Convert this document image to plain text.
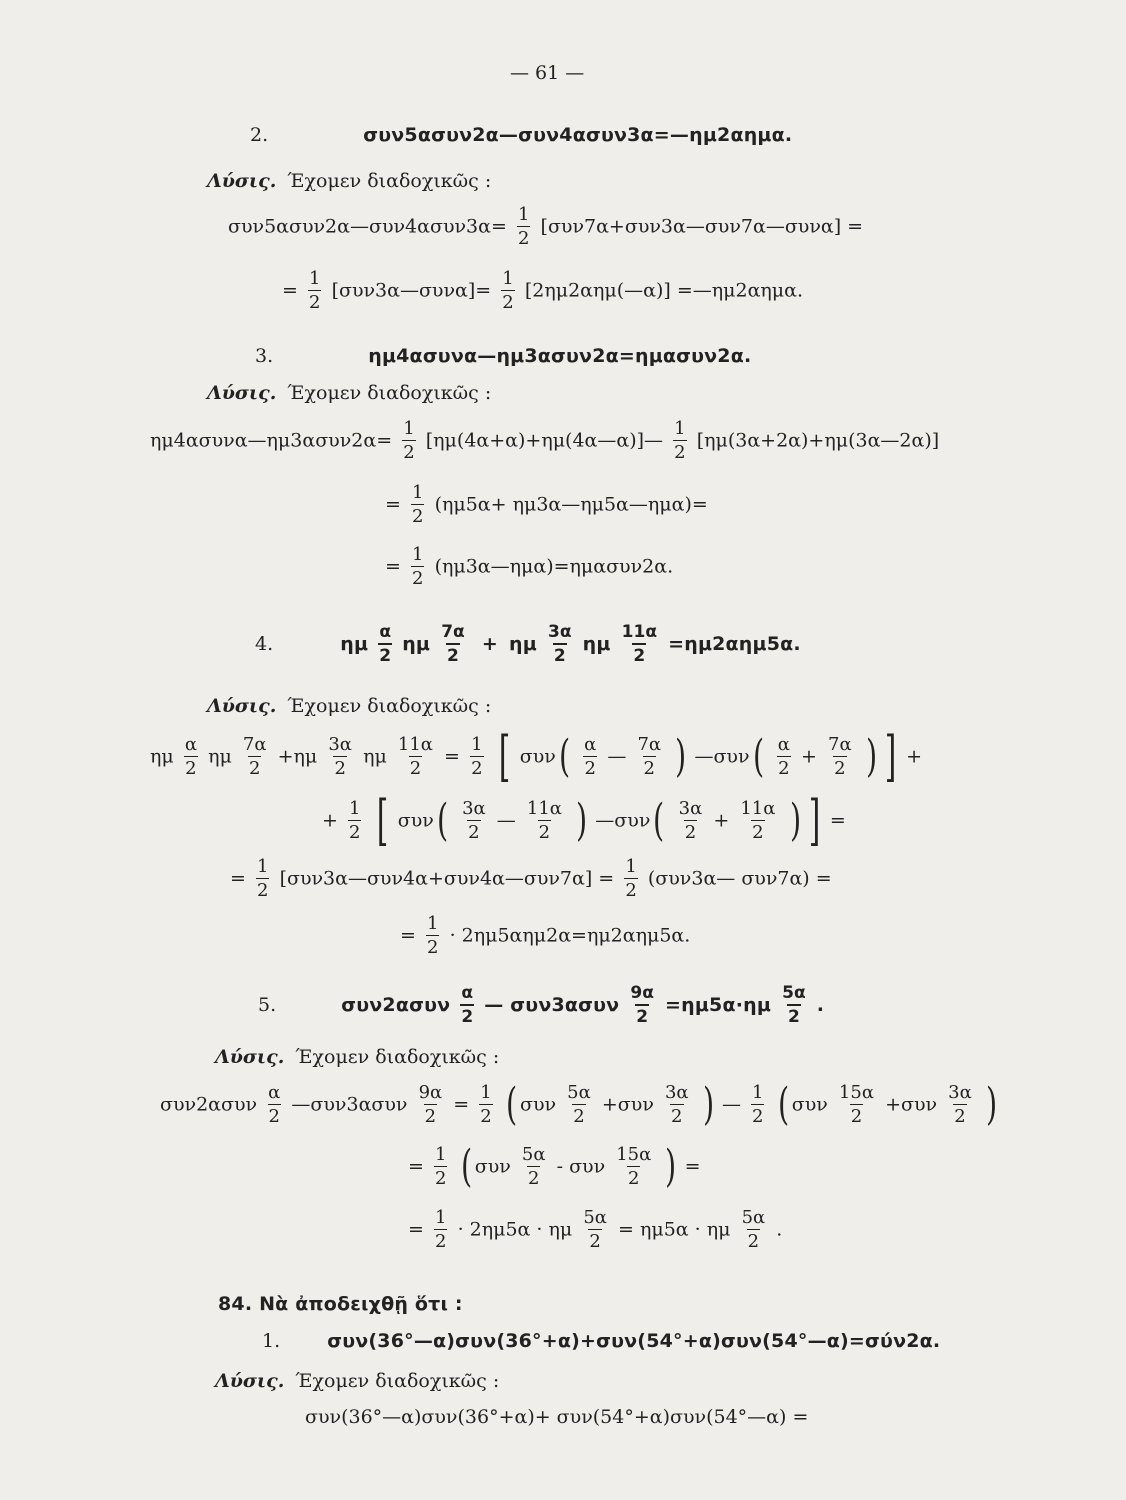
— 61 —
2.	συν5ασυν2α—συν4ασυν3α=—ημ2αημα.
Λύσις. Έχομεν διαδοχικῶς :
συν5ασυν2α—συν4ασυν3α= $\frac{1}{2}$ [συν7α+συν3α—συν7α—συνα] =
= $\frac{1}{2}$ [συν3α—συνα]= $\frac{1}{2}$ [2ημ2αημ(—α)] =—ημ2αημα.
3.	ημ4ασυνα—ημ3ασυν2α=ημασυν2α.
Λύσις. Έχομεν διαδοχικῶς :
ημ4ασυνα—ημ3ασυν2α= $\frac{1}{2}$ [ημ(4α+α)+ημ(4α—α)]— $\frac{1}{2}$ [ημ(3α+2α)+ημ(3α—2α)]
= $\frac{1}{2} (\eta\mu 5\alpha+$ ημ3α—ημ5α—ημα)=
= $\frac{1}{2}$ (ημ3α—ημα)=ημασυν2α.
4.	ημ $\frac{\alpha}{2}$ ημ $\frac{7\alpha}{2} + \eta\mu \frac{3\alpha}{2}$ ημ $\frac{11\alpha}{2} =\eta\mu 2\alpha\eta\mu 5\alpha$.
Λύσις. Έχομεν διαδοχικῶς :
ημ $\frac{\alpha}{2}$ ημ $\frac{7\alpha}{2} +\eta\mu \frac{3\alpha}{2}$ ημ $\frac{11\alpha}{2} = \frac{1}{2}$ [ $\sigma\upsilon\nu( \frac{\alpha}{2}$ — $\frac{7\alpha}{2}$ ) —συν( $\frac{\alpha}{2} + \frac{7\alpha}{2}$ ) ] +
+ $\frac{1}{2}$ [ $\sigma\upsilon\nu( \frac{3\alpha}{2}$ — $\frac{11\alpha}{2}$ ) —συν( $\frac{3\alpha}{2} + \frac{11\alpha}{2}$ ) ] =
= $\frac{1}{2}$ [συν3α—συν4α+συν4α—συν7α] = $\frac{1}{2}$ (συν3α— συν7α) =
= $\frac{1}{2} \cdot 2\eta\mu 5\alpha\eta\mu 2\alpha=\eta\mu 2\alpha\eta\mu 5\alpha$.
5.	$\sigma\upsilon\nu 2\alpha\sigma\upsilon\nu \frac{\alpha}{2}$ — $\sigma\upsilon\nu 3\alpha\sigma\upsilon\nu \frac{9\alpha}{2} =\eta\mu 5\alpha\cdot\eta\mu \frac{5\alpha}{2}$ .
Λύσις. Έχομεν διαδοχικῶς :
$\sigma\upsilon\nu 2\alpha\sigma\upsilon\nu \frac{\alpha}{2}$ —συν3ασυν $\frac{9\alpha}{2} = \frac{1}{2}$ ( συν $\frac{5\alpha}{2} +\sigma\upsilon\nu \frac{3\alpha}{2}$ ) — $\frac{1}{2}$ ( συν $\frac{15\alpha}{2} +\sigma\upsilon\nu \frac{3\alpha}{2}$ )
= $\frac{1}{2}$ ( συν $\frac{5\alpha}{2}$ - συν $\frac{15\alpha}{2}$ ) =
= $\frac{1}{2} \cdot 2\eta\mu 5\alpha \cdot \eta\mu \frac{5\alpha}{2} = \eta\mu 5\alpha \cdot \eta\mu \frac{5\alpha}{2}$ .
84. Νὰ ἀποδειχθῇ ὅτι :
1. συν(36°—α)συν(36°+α)+συν(54°+α)συν(54°—α)=σύν2α.
Λύσις. Έχομεν διαδοχικῶς :
συν(36°—α)συν(36°+α)+ συν(54°+α)συν(54°—α) =
